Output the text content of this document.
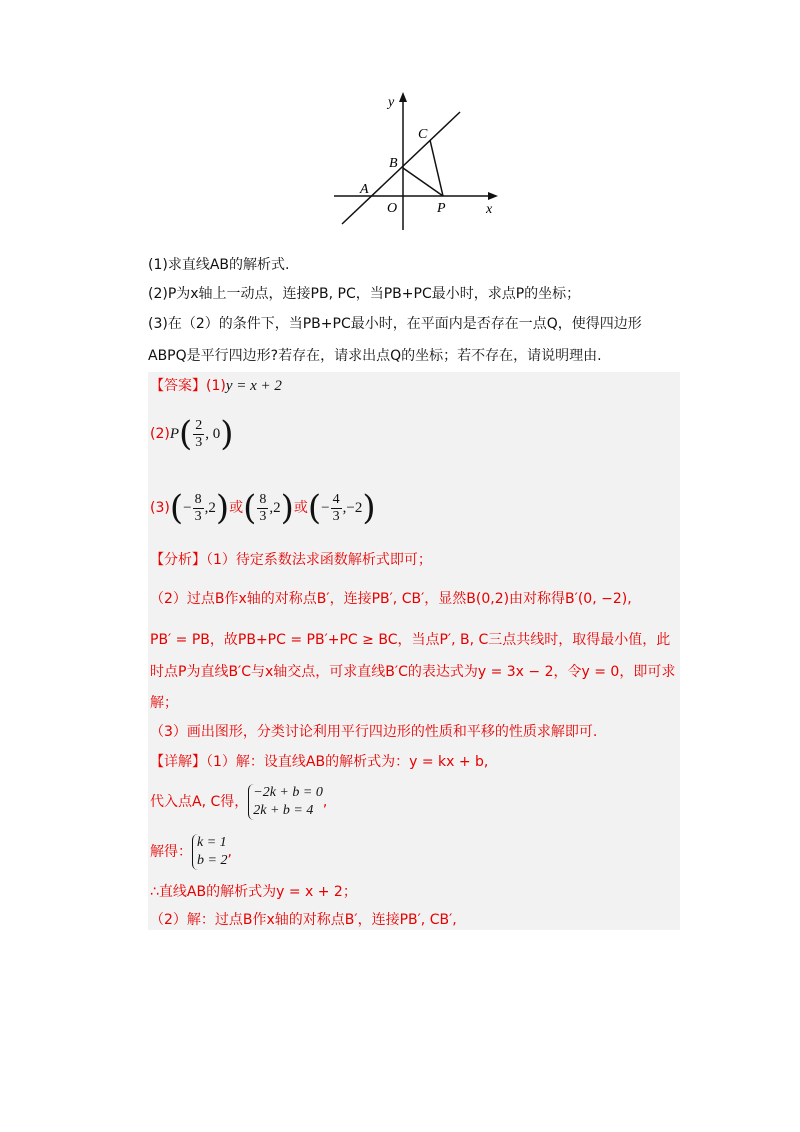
y
x
A
B
C
O	P
(1)求直线AB的解析式.
(2)P为x轴上一动点，连接PB, PC，当PB+PC最小时，求点P的坐标；
(3)在（2）的条件下，当PB+PC最小时，在平面内是否存在一点Q，使得四边形
ABPQ是平行四边形?若存在，请求出点Q的坐标；若不存在，请说明理由.
【答案】(1)y = x + 2
$(2)P( \frac{2}{3}$ , 0)
$(3)(- \frac{8}{3} ,2)$或( $\frac{8}{3} ,2$)或(− $\frac{4}{3} ,-2$)
【分析】（1）待定系数法求函数解析式即可；
（2）过点B作x轴的对称点B′，连接PB′, CB′，显然B(0,2)由对称得B′(0, −2),
PB′ = PB，故PB+PC = PB′+PC ≥ BC，当点P′, B, C三点共线时，取得最小值，此
时点P为直线B′C与x轴交点，可求直线B′C的表达式为y = 3x − 2，令y = 0，即可求
解；
（3）画出图形，分类讨论利用平行四边形的性质和平移的性质求解即可.
【详解】（1）解：设直线AB的解析式为：y = kx + b,
代入点A, C得，
−2k + b = 0
2k + b = 4
,
解得：
k = 1
b = 2
,
∴直线AB的解析式为y = x + 2；
（2）解：过点B作x轴的对称点B′，连接PB′, CB′,
